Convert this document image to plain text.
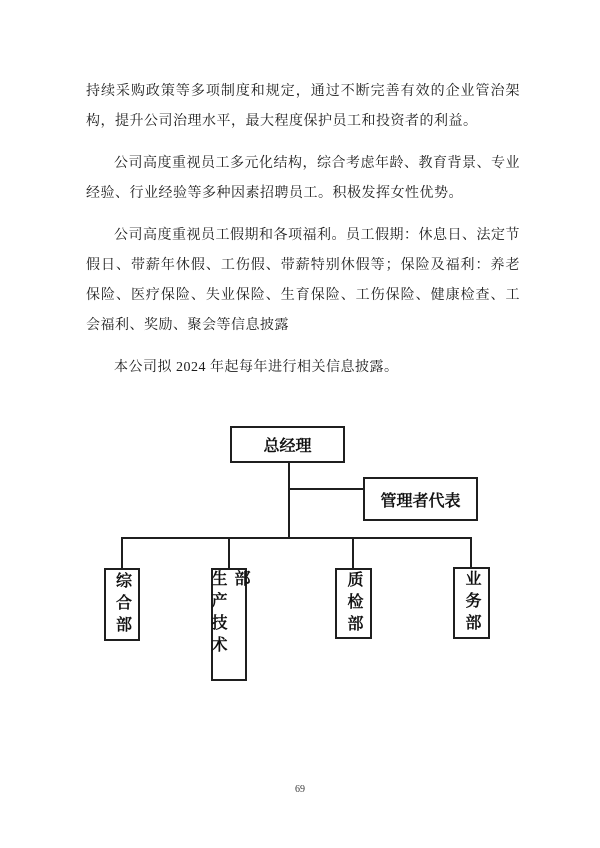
持续采购政策等多项制度和规定，通过不断完善有效的企业管治架构，提升公司治理水平，最大程度保护员工和投资者的利益。

公司高度重视员工多元化结构，综合考虑年龄、教育背景、专业经验、行业经验等多种因素招聘员工。积极发挥女性优势。

公司高度重视员工假期和各项福利。员工假期：休息日、法定节假日、带薪年休假、工伤假、带薪特别休假等；保险及福利：养老保险、医疗保险、失业保险、生育保险、工伤保险、健康检查、工会福利、奖励、聚会等信息披露

本公司拟 2024 年起每年进行相关信息披露。

总经理
管理者代表
综合部	生产技术部	质检部	业务部
69
